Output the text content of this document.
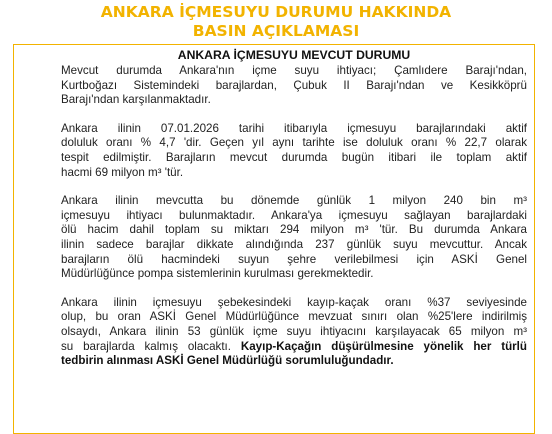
ANKARA İÇMESUYU DURUMU HAKKINDA
BASIN AÇIKLAMASI
ANKARA İÇMESUYU MEVCUT DURUMU
Mevcut durumda Ankara'nın içme suyu ihtiyacı; Çamlıdere Barajı'ndan,
Kurtboğazı Sistemindeki barajlardan, Çubuk II Barajı'ndan ve Kesikköprü
Barajı'ndan karşılanmaktadır.
Ankara ilinin 07.01.2026 tarihi itibarıyla içmesuyu barajlarındaki aktif
doluluk oranı % 4,7 'dir. Geçen yıl aynı tarihte ise doluluk oranı % 22,7 olarak
tespit edilmiştir. Barajların mevcut durumda bugün itibari ile toplam aktif
hacmi 69 milyon m³ 'tür.
Ankara ilinin mevcutta bu dönemde günlük 1 milyon 240 bin m³
içmesuyu ihtiyacı bulunmaktadır. Ankara'ya içmesuyu sağlayan barajlardaki
ölü hacim dahil toplam su miktarı 294 milyon m³ 'tür. Bu durumda Ankara
ilinin sadece barajlar dikkate alındığında 237 günlük suyu mevcuttur. Ancak
barajların ölü hacmindeki suyun şehre verilebilmesi için ASKİ Genel
Müdürlüğünce pompa sistemlerinin kurulması gerekmektedir.
Ankara ilinin içmesuyu şebekesindeki kayıp-kaçak oranı %37 seviyesinde
olup, bu oran ASKİ Genel Müdürlüğünce mevzuat sınırı olan %25'lere indirilmiş
olsaydı, Ankara ilinin 53 günlük içme suyu ihtiyacını karşılayacak 65 milyon m³
su barajlarda kalmış olacaktı. Kayıp-Kaçağın düşürülmesine yönelik her türlü
tedbirin alınması ASKİ Genel Müdürlüğü sorumluluğundadır.
